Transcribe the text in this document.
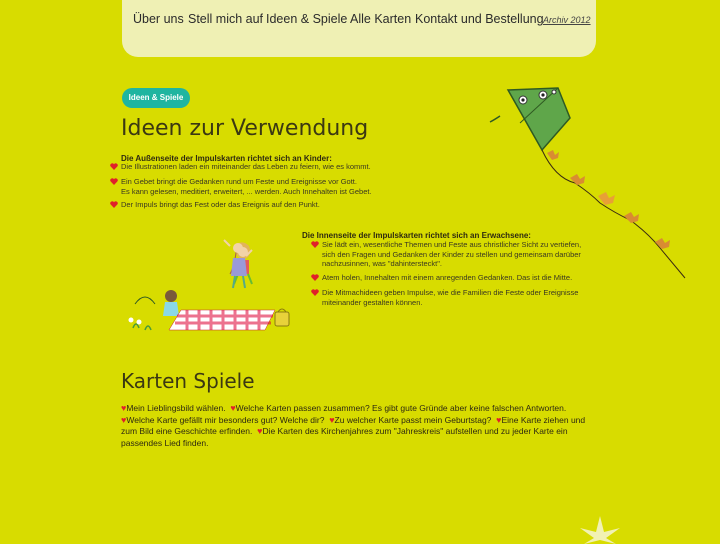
Über uns Stell mich auf Ideen & Spiele Alle Karten Kontakt und Bestellung Archiv 2012
Ideen & Spiele
Ideen zur Verwendung
Die Außenseite der Impulskarten richtet sich an Kinder:
Die Illustrationen laden ein miteinander das Leben zu feiern, wie es kommt.
Ein Gebet bringt die Gedanken rund um Feste und Ereignisse vor Gott.
Es kann gelesen, meditiert, erweitert, ... werden. Auch Innehalten ist Gebet.
Der Impuls bringt das Fest oder das Ereignis auf den Punkt.
Die Innenseite der Impulskarten richtet sich an Erwachsene:
Sie lädt ein, wesentliche Themen und Feste aus christlicher Sicht zu vertiefen,
sich den Fragen und Gedanken der Kinder zu stellen und gemeinsam darüber
nachzusinnen, was "dahintersteckt".
Atem holen, Innehalten mit einem anregenden Gedanken. Das ist die Mitte.
Die Mitmachideen geben Impulse, wie die Familien die Feste oder Ereignisse
miteinander gestalten können.
Karten Spiele
♥Mein Lieblingsbild wählen. ♥Welche Karten passen zusammen? Es gibt gute Gründe aber keine falschen Antworten. ♥Welche Karte gefällt mir besonders gut? Welche dir? ♥Zu welcher Karte passt mein Geburtstag? ♥Eine Karte ziehen und zum Bild eine Geschichte erfinden. ♥Die Karten des Kirchenjahres zum "Jahreskreis" aufstellen und zu jeder Karte ein passendes Lied finden.
